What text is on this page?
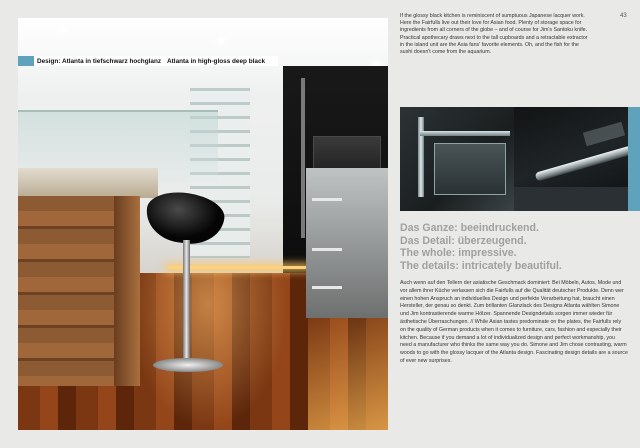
Design: Atlanta in tiefschwarz hochglanz Atlanta in high-gloss deep black
If the glossy black kitchen is reminiscent of sumptuous Japanese lacquer work. Here the Fairfulls live out their love for Asian food. Plenty of storage space for ingredients from all corners of the globe – and of course for Jim's Santoku knife. Practical apothecary draws next to the tall cupboards and a retractable extractor in the island unit are the Asia fans' favorite elements. Oh, and the fish for the sushi doesn't come from the aquarium.
43
Das Ganze: beeindruckend.
Das Detail: überzeugend.
The whole: impressive.
The details: intricately beautiful.
Auch wenn auf den Tellern der asiatische Geschmack dominiert: Bei Möbeln, Autos, Mode und vor allem ihrer Küche verlassen sich die Fairfulls auf die Qualität deutscher Produkte. Denn wer einen hohen Anspruch an individuelles Design und perfekte Verarbeitung hat, braucht einen Hersteller, der genau so denkt. Zum brillanten Glanzlack des Designs Atlanta wählten Simone und Jim kontrastierende warme Hölzer. Spannende Designdetails sorgen immer wieder für ästhetische Überraschungen. // While Asian tastes predominate on the plates, the Fairfulls rely on the quality of German products when it comes to furniture, cars, fashion and especially their kitchen. Because if you demand a lot of individualized design and perfect workmanship, you need a manufacturer who thinks the same way you do. Simone and Jim chose contrasting, warm woods to go with the glossy lacquer of the Atlanta design. Fascinating design details are a source of ever new surprises.
